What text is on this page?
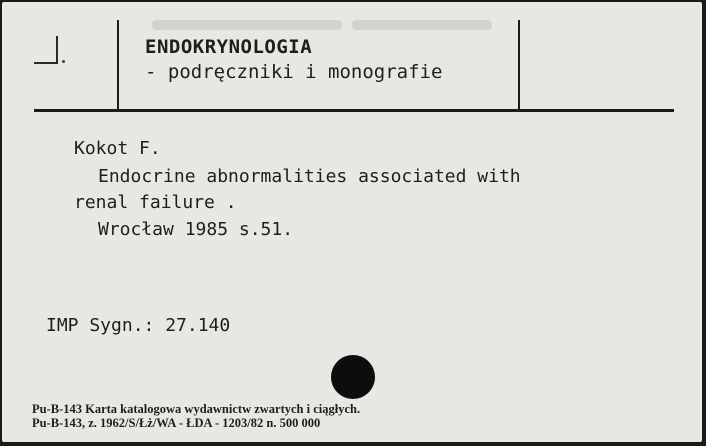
ENDOKRYNOLOGIA
- podręczniki i monografie
Kokot F.
Endocrine abnormalities associated with
renal failure .
Wrocław 1985 s.51.
IMP Sygn.: 27.140
Pu-B-143 Karta katalogowa wydawnictw zwartych i ciągłych.
Pu-B-143, z. 1962/S/Łż/WA - ŁDA - 1203/82 n. 500 000
